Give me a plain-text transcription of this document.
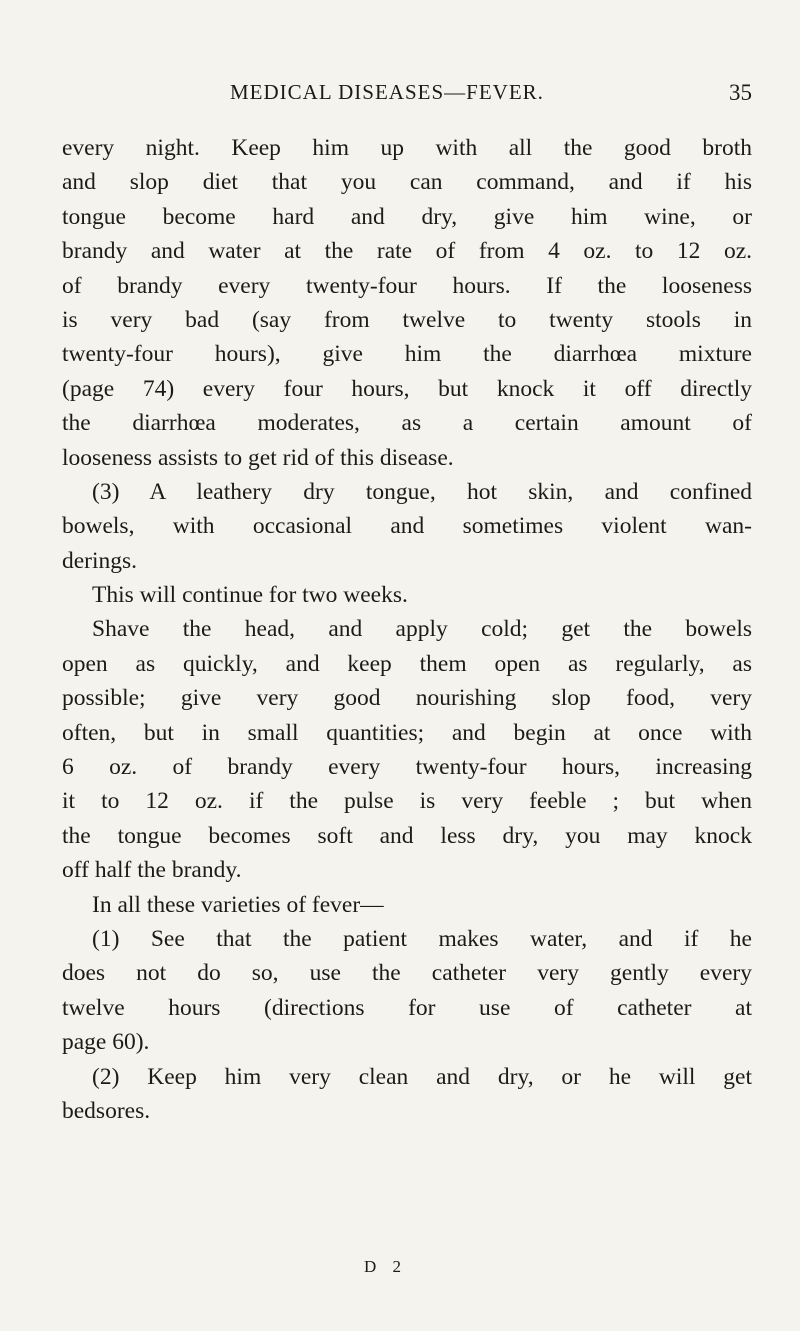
MEDICAL DISEASES—FEVER.	35
every night. Keep him up with all the good broth
and slop diet that you can command, and if his
tongue become hard and dry, give him wine, or
brandy and water at the rate of from 4 oz. to 12 oz.
of brandy every twenty-four hours. If the looseness
is very bad (say from twelve to twenty stools in
twenty-four hours), give him the diarrhœa mixture
(page 74) every four hours, but knock it off directly
the diarrhœa moderates, as a certain amount of
looseness assists to get rid of this disease.
(3) A leathery dry tongue, hot skin, and confined
bowels, with occasional and sometimes violent wan-
derings.
This will continue for two weeks.
Shave the head, and apply cold; get the bowels
open as quickly, and keep them open as regularly, as
possible; give very good nourishing slop food, very
often, but in small quantities; and begin at once with
6 oz. of brandy every twenty-four hours, increasing
it to 12 oz. if the pulse is very feeble ; but when
the tongue becomes soft and less dry, you may knock
off half the brandy.
In all these varieties of fever—
(1) See that the patient makes water, and if he
does not do so, use the catheter very gently every
twelve hours (directions for use of catheter at
page 60).
(2) Keep him very clean and dry, or he will get
bedsores.
D 2
